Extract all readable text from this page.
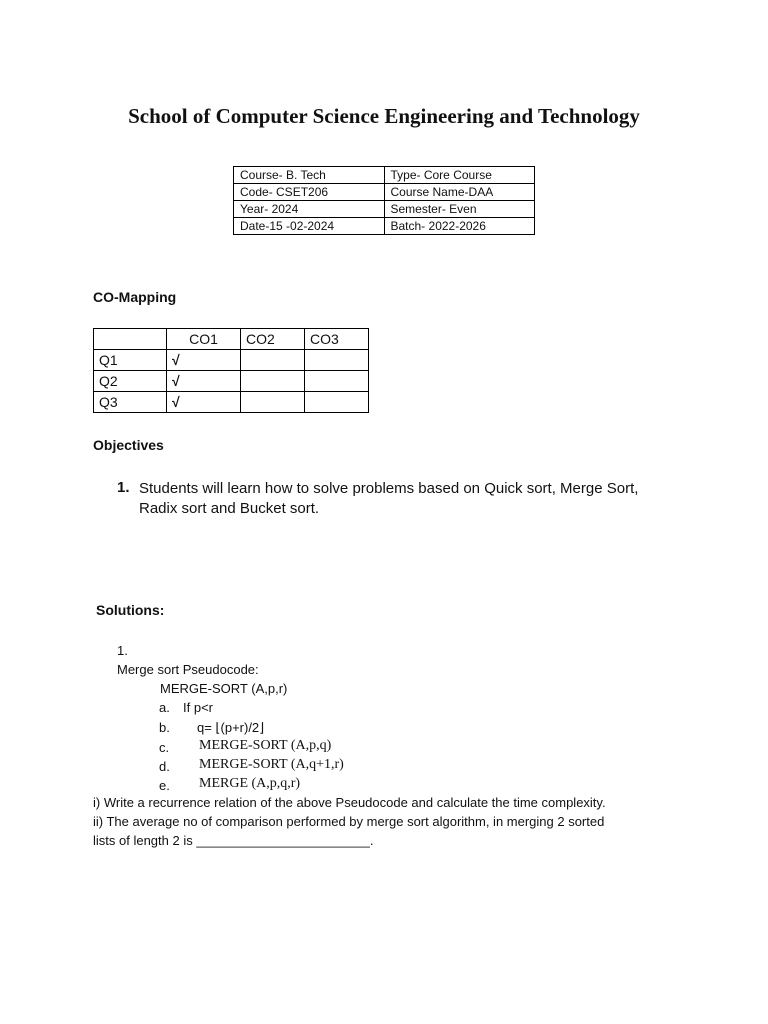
School of Computer Science Engineering and Technology
Course- B. Tech	Type- Core Course
Code- CSET206	Course Name-DAA
Year- 2024	Semester- Even
Date-15 -02-2024	Batch- 2022-2026
CO-Mapping
	CO1	CO2	CO3
Q1	√		
Q2	√		
Q3	√		
Objectives
1. Students will learn how to solve problems based on Quick sort, Merge Sort, Radix sort and Bucket sort.
Solutions:
1.
Merge sort Pseudocode:
MERGE-SORT (A,p,r)
a. If p<r
b. q= ⌊(p+r)/2⌋
c. MERGE-SORT (A,p,q)
d. MERGE-SORT (A,q+1,r)
e. MERGE (A,p,q,r)
i) Write a recurrence relation of the above Pseudocode and calculate the time complexity.
ii) The average no of comparison performed by merge sort algorithm, in merging 2 sorted
lists of length 2 is ________________________.
